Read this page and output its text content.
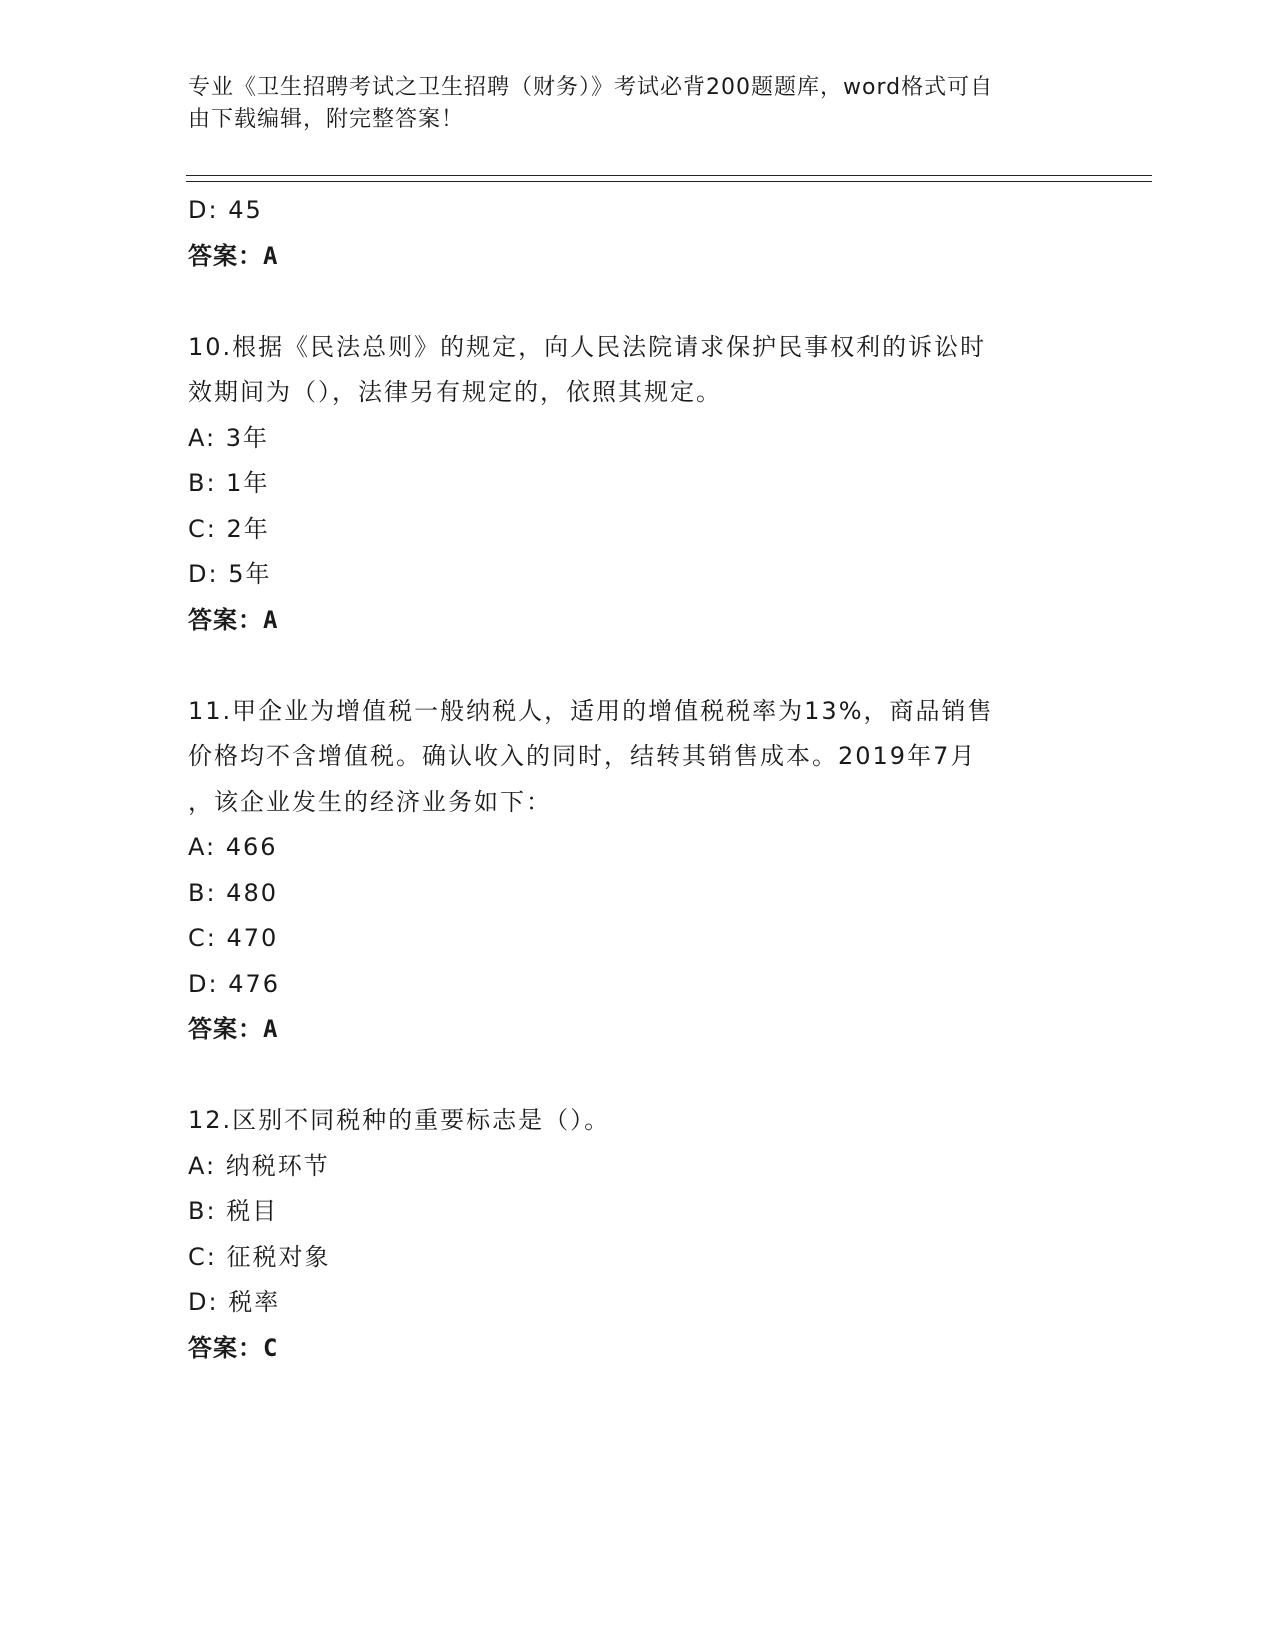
专业《卫生招聘考试之卫生招聘（财务）》考试必背200题题库，word格式可自
由下载编辑，附完整答案！
D: 45
答案：A
10.根据《民法总则》的规定，向人民法院请求保护民事权利的诉讼时
效期间为（），法律另有规定的，依照其规定。
A: 3年
B: 1年
C: 2年
D: 5年
答案：A
11.甲企业为增值税一般纳税人，适用的增值税税率为13%，商品销售
价格均不含增值税。确认收入的同时，结转其销售成本。2019年7月
，该企业发生的经济业务如下：
A: 466
B: 480
C: 470
D: 476
答案：A
12.区别不同税种的重要标志是（）。
A: 纳税环节
B: 税目
C: 征税对象
D: 税率
答案：C
